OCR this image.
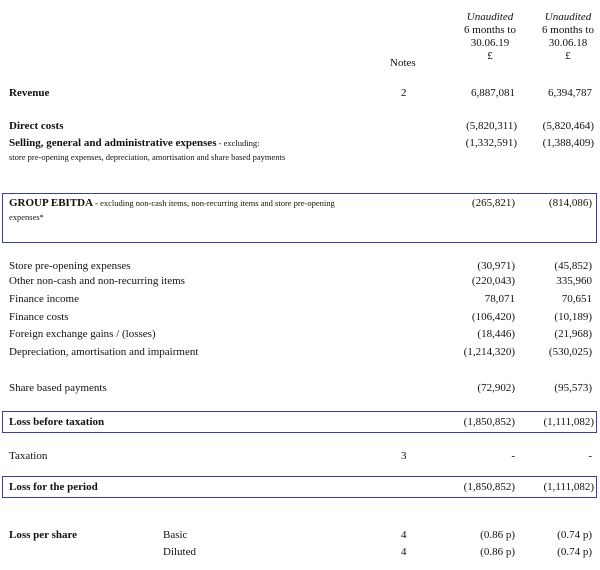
Unaudited
6 months to
30.06.19
£
Unaudited
6 months to
30.06.18
£
Notes
Revenue	2	6,887,081	6,394,787
Direct costs	(5,820,311)	(5,820,464)
Selling, general and administrative expenses - excluding:
store pre-opening expenses, depreciation, amortisation and share based payments
(1,332,591)	(1,388,409)
GROUP EBITDA - excluding non-cash items, non-recurring items and store pre-opening
expenses*
(265,821)	(814,086)
Store pre-opening expenses	(30,971)	(45,852)
Other non-cash and non-recurring items	(220,043)	335,960
Finance income	78,071	70,651
Finance costs	(106,420)	(10,189)
Foreign exchange gains / (losses)	(18,446)	(21,968)
Depreciation, amortisation and impairment	(1,214,320)	(530,025)
Share based payments	(72,902)	(95,573)
Loss before taxation	(1,850,852)	(1,111,082)
Taxation	3	-	-
Loss for the period	(1,850,852)	(1,111,082)
Loss per share	Basic	4	(0.86 p)	(0.74 p)
Diluted	4	(0.86 p)	(0.74 p)
